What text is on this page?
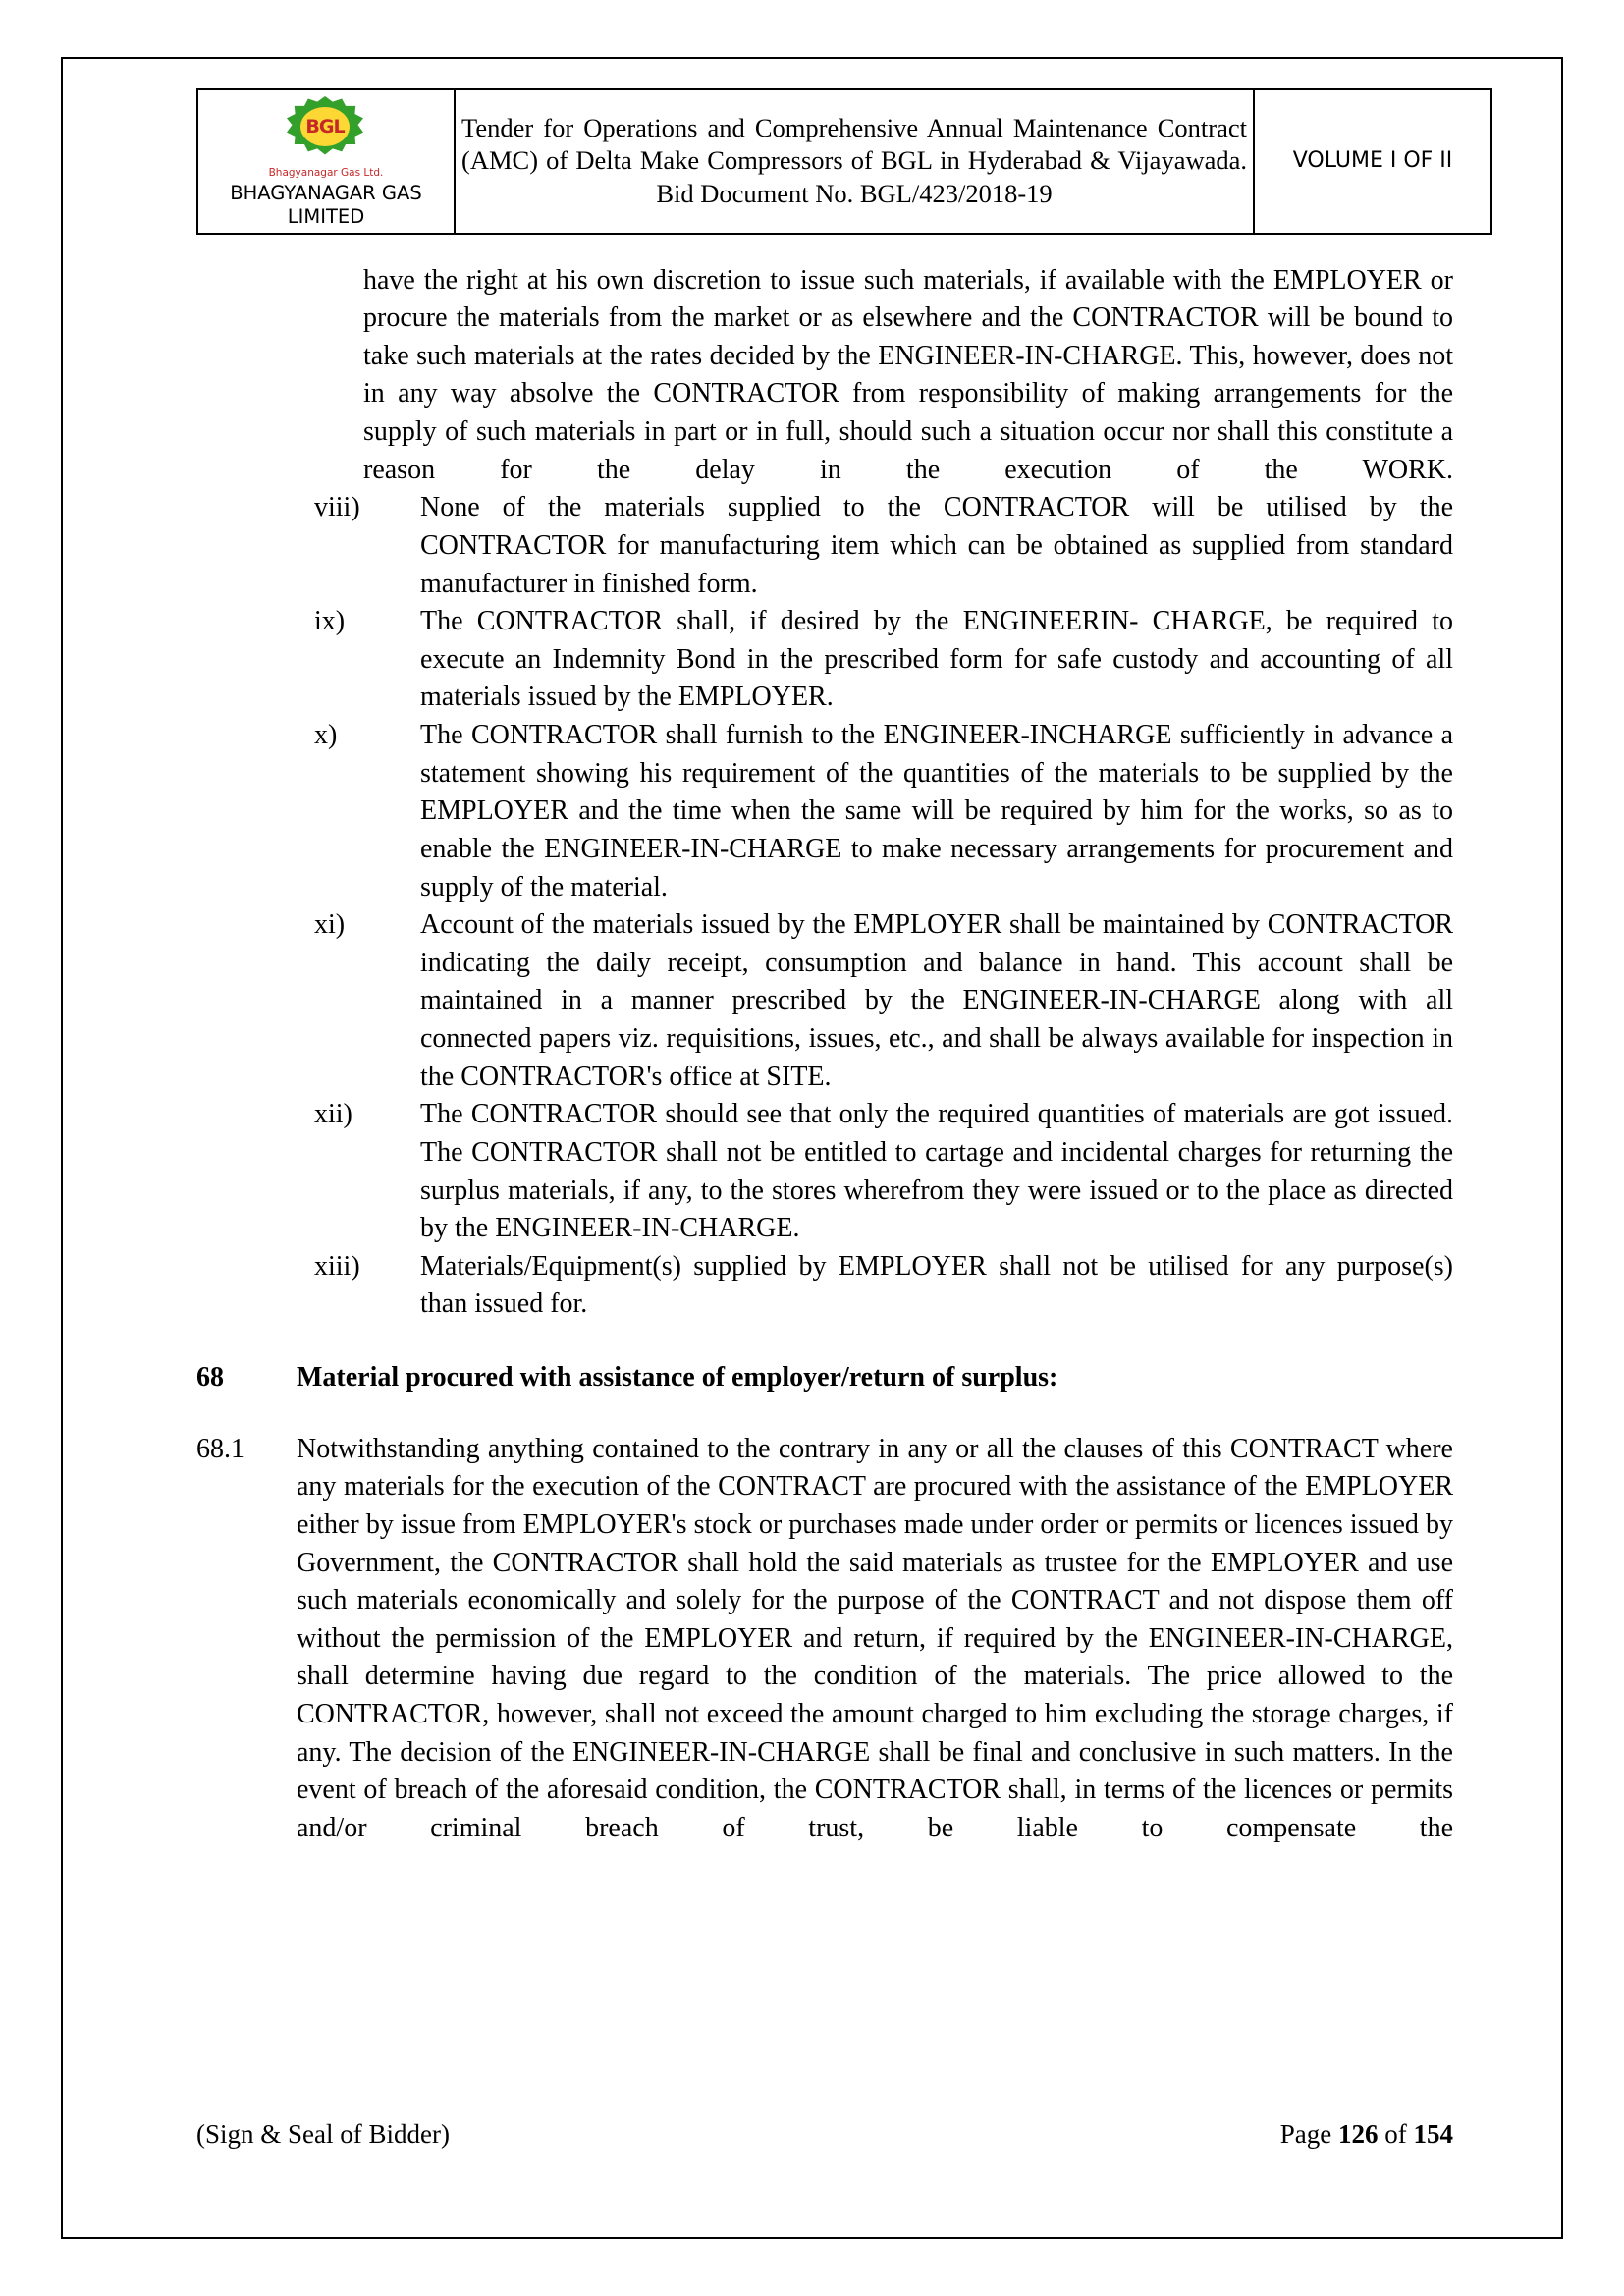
BGL
Bhagyanagar Gas Ltd.
BHAGYANAGAR GAS LIMITED

Tender for Operations and Comprehensive Annual Maintenance Contract (AMC) of Delta Make Compressors of BGL in Hyderabad & Vijayawada.
Bid Document No. BGL/423/2018-19
	VOLUME I OF II

have the right at his own discretion to issue such materials, if available with the EMPLOYER or procure the materials from the market or as elsewhere and the CONTRACTOR will be bound to take such materials at the rates decided by the ENGINEER-IN-CHARGE. This, however, does not in any way absolve the CONTRACTOR from responsibility of making arrangements for the supply of such materials in part or in full, should such a situation occur nor shall this constitute a reason for the delay in the execution of the WORK.

viii)	None of the materials supplied to the CONTRACTOR will be utilised by the CONTRACTOR for manufacturing item which can be obtained as supplied from standard manufacturer in finished form.
ix)	The CONTRACTOR shall, if desired by the ENGINEERIN- CHARGE, be required to execute an Indemnity Bond in the prescribed form for safe custody and accounting of all materials issued by the EMPLOYER.
x)	The CONTRACTOR shall furnish to the ENGINEER-INCHARGE sufficiently in advance a statement showing his requirement of the quantities of the materials to be supplied by the EMPLOYER and the time when the same will be required by him for the works, so as to enable the ENGINEER-IN-CHARGE to make necessary arrangements for procurement and supply of the material.
xi)	Account of the materials issued by the EMPLOYER shall be maintained by CONTRACTOR indicating the daily receipt, consumption and balance in hand. This account shall be maintained in a manner prescribed by the ENGINEER-IN-CHARGE along with all connected papers viz. requisitions, issues, etc., and shall be always available for inspection in the CONTRACTOR's office at SITE.
xii)	The CONTRACTOR should see that only the required quantities of materials are got issued. The CONTRACTOR shall not be entitled to cartage and incidental charges for returning the surplus materials, if any, to the stores wherefrom they were issued or to the place as directed by the ENGINEER-IN-CHARGE.
xiii)	Materials/Equipment(s) supplied by EMPLOYER shall not be utilised for any purpose(s) than issued for.
68	Material procured with assistance of employer/return of surplus:
68.1	Notwithstanding anything contained to the contrary in any or all the clauses of this CONTRACT where any materials for the execution of the CONTRACT are procured with the assistance of the EMPLOYER either by issue from EMPLOYER's stock or purchases made under order or permits or licences issued by Government, the CONTRACTOR shall hold the said materials as trustee for the EMPLOYER and use such materials economically and solely for the purpose of the CONTRACT and not dispose them off without the permission of the EMPLOYER and return, if required by the ENGINEER-IN-CHARGE, shall determine having due regard to the condition of the materials. The price allowed to the CONTRACTOR, however, shall not exceed the amount charged to him excluding the storage charges, if any. The decision of the ENGINEER-IN-CHARGE shall be final and conclusive in such matters. In the event of breach of the aforesaid condition, the CONTRACTOR shall, in terms of the licences or permits and/or criminal breach of trust, be liable to compensate the
(Sign & Seal of Bidder)	Page 126 of 154
